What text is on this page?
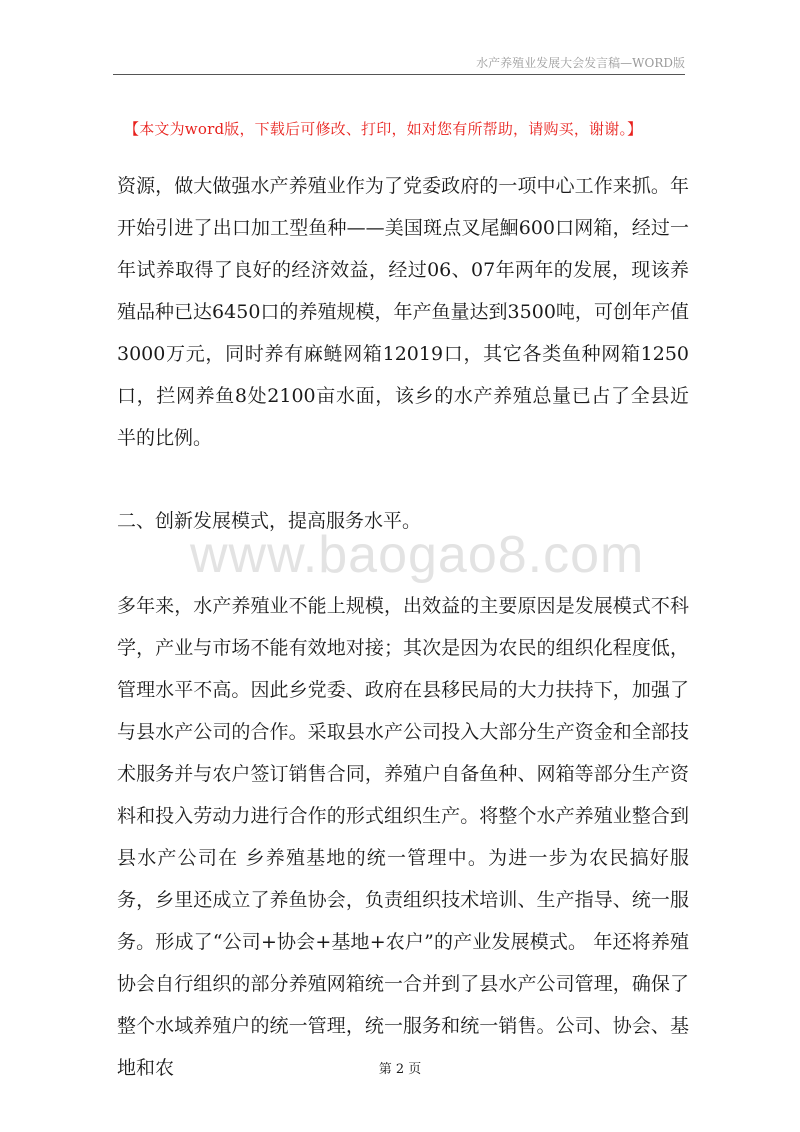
水产养殖业发展大会发言稿—WORD版
【本文为word版，下载后可修改、打印，如对您有所帮助，请购买，谢谢。】

资源，做大做强水产养殖业作为了党委政府的一项中心工作来抓。年开始引进了出口加工型鱼种——美国斑点叉尾鮰600口网箱，经过一年试养取得了良好的经济效益，经过06、07年两年的发展，现该养殖品种已达6450口的养殖规模，年产鱼量达到3500吨，可创年产值3000万元，同时养有麻鲢网箱12019口，其它各类鱼种网箱1250口，拦网养鱼8处2100亩水面，该乡的水产养殖总量已占了全县近半的比例。

二、创新发展模式，提高服务水平。
www.baogao8.com

多年来，水产养殖业不能上规模，出效益的主要原因是发展模式不科学，产业与市场不能有效地对接；其次是因为农民的组织化程度低，管理水平不高。因此乡党委、政府在县移民局的大力扶持下，加强了与县水产公司的合作。采取县水产公司投入大部分生产资金和全部技术服务并与农户签订销售合同，养殖户自备鱼种、网箱等部分生产资料和投入劳动力进行合作的形式组织生产。将整个水产养殖业整合到县水产公司在 乡养殖基地的统一管理中。为进一步为农民搞好服务，乡里还成立了养鱼协会，负责组织技术培训、生产指导、统一服务。形成了“公司+协会+基地+农户”的产业发展模式。 年还将养殖协会自行组织的部分养殖网箱统一合并到了县水产公司管理，确保了整个水域养殖户的统一管理，统一服务和统一销售。公司、协会、基地和农	第 2 页
